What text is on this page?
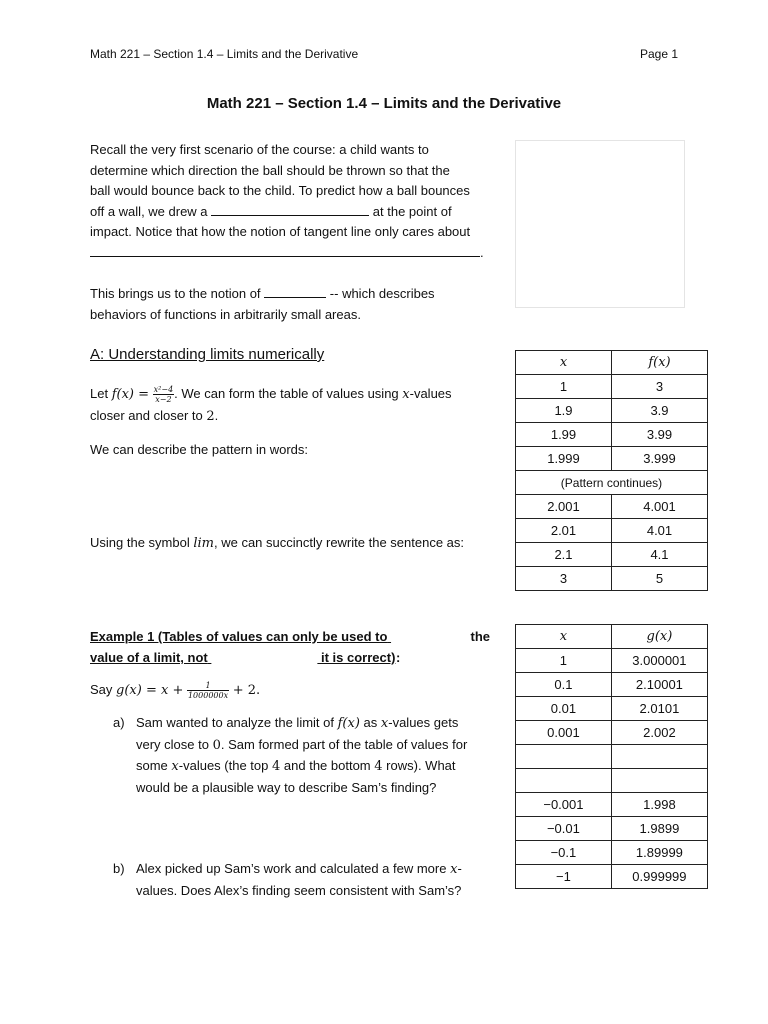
Math 221 – Section 1.4 – Limits and the Derivative	Page 1
Math 221 – Section 1.4 – Limits and the Derivative
Recall the very first scenario of the course: a child wants to
determine which direction the ball should be thrown so that the
ball would bounce back to the child. To predict how a ball bounces
off a wall, we drew a	at the point of
impact. Notice that how the notion of tangent line only cares about
.
This brings us to the notion of	-- which describes
behaviors of functions in arbitrarily small areas.
A: Understanding limits numerically
Let $f(x) = \frac{\text{x²−4}}{x-2}$ . We can form the table of values using x-values
closer and closer to 2.
We can describe the pattern in words:
Using the symbol lim, we can succinctly rewrite the sentence as:
x	f(x)
1	3
1.9	3.9
1.99	3.99
1.999	3.999
(Pattern continues)	
2.001	4.001
2.01	4.01
2.1	4.1
3	5
Example 1 (Tables of values can only be used to	the
value of a limit, not	it is correct) :
Say $g(x) = x + \frac{1}{1000000x} + 2$.
a) Sam wanted to analyze the limit of f(x) as x-values gets
very close to 0. Sam formed part of the table of values for
some x-values (the top 4 and the bottom 4 rows). What
would be a plausible way to describe Sam’s finding?
b) Alex picked up Sam’s work and calculated a few more x-
values. Does Alex’s finding seem consistent with Sam’s?
x	g(x)
1	3.000001
0.1	2.10001
0.01	2.0101
0.001	2.002

−0.001	1.998
−0.01	1.9899
−0.1	1.89999
−1	0.999999
